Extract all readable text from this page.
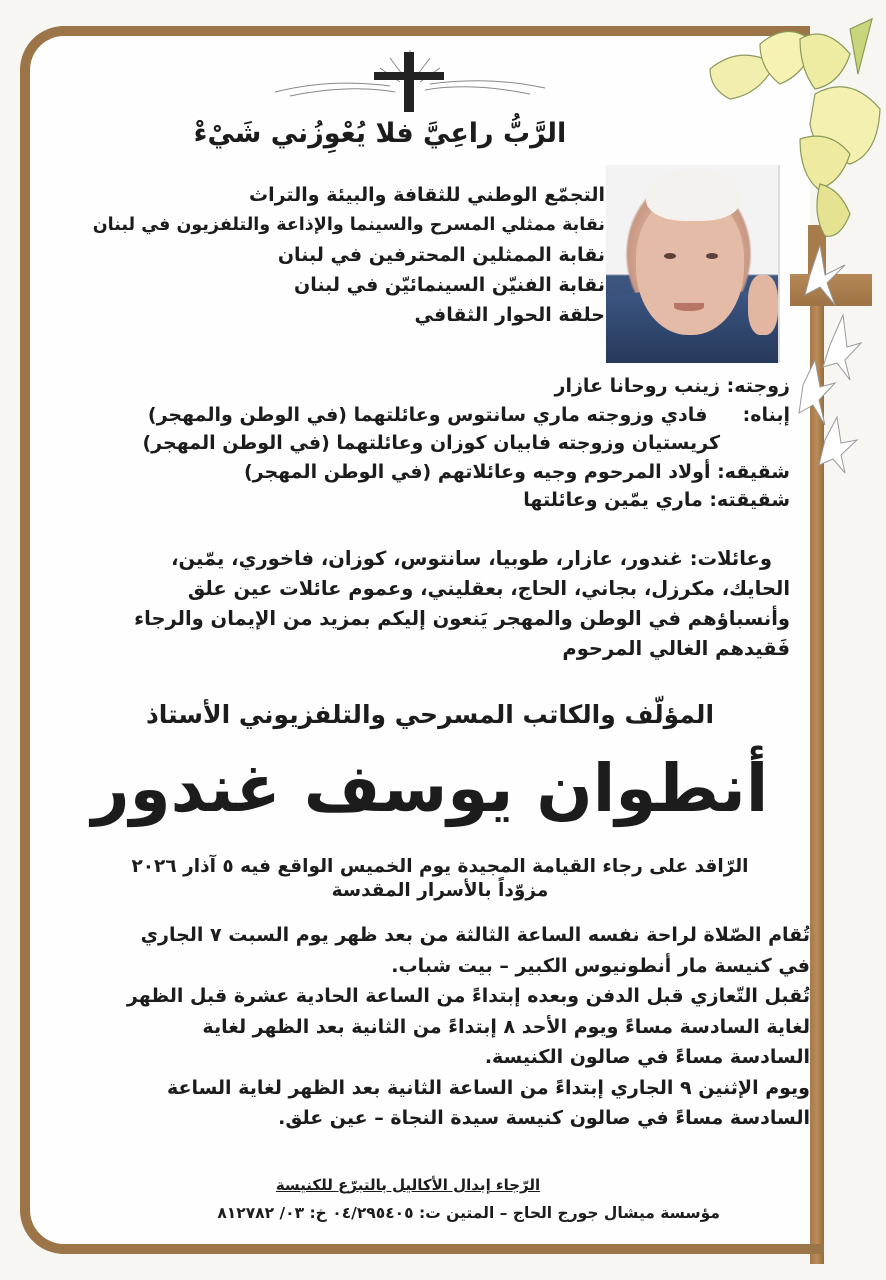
الرَّبُّ راعِيَّ فلا يُعْوِزُني شَيْءْ
التجمّع الوطني للثقافة والبيئة والتراث
نقابة ممثلي المسرح والسينما والإذاعة والتلفزيون في لبنان
نقابة الممثلين المحترفين في لبنان
نقابة الفنيّن السينمائيّن في لبنان
حلقة الحوار الثقافي
زوجته: زينب روحانا عازار
إبناه:  فادي وزوجته ماري سانتوس وعائلتهما (في الوطن والمهجر)
كريستيان وزوجته فابيان كوزان وعائلتهما (في الوطن المهجر)
شقيقه: أولاد المرحوم وجيه وعائلاتهم (في الوطن المهجر)
شقيقته: ماري يمّين وعائلتها
وعائلات: غندور، عازار، طوبيا، سانتوس، كوزان، فاخوري، يمّين،
الحايك، مكرزل، بجاني، الحاج، بعقليني، وعموم عائلات عين علق
وأنسباؤهم في الوطن والمهجر يَنعون إليكم بمزيد من الإيمان والرجاء
فَقيدهم الغالي المرحوم
المؤلّف والكاتب المسرحي والتلفزيوني الأستاذ
أنطوان يوسف غندور
الرّاقد على رجاء القيامة المجيدة يوم الخميس الواقع فيه ٥ آذار ٢٠٢٦
مزوّداً بالأسرار المقدسة
تُقام الصّلاة لراحة نفسه الساعة الثالثة من بعد ظهر يوم السبت ٧ الجاري
في كنيسة مار أنطونيوس الكبير – بيت شباب.
تُقبل التّعازي قبل الدفن وبعده إبتداءً من الساعة الحادية عشرة قبل الظهر
لغاية السادسة مساءً ويوم الأحد ٨ إبتداءً من الثانية بعد الظهر لغاية
السادسة مساءً في صالون الكنيسة.
ويوم الإثنين ٩ الجاري إبتداءً من الساعة الثانية بعد الظهر لغاية الساعة
السادسة مساءً في صالون كنيسة سيدة النجاة – عين علق.
الرّجاء إبدال الأكاليل بالتبرّع للكنيسة
مؤسسة ميشال جورج الحاج – المتين ت: ٠٤/٢٩٥٤٠٥ خ: ٠٣/ ٨١٢٧٨٢
